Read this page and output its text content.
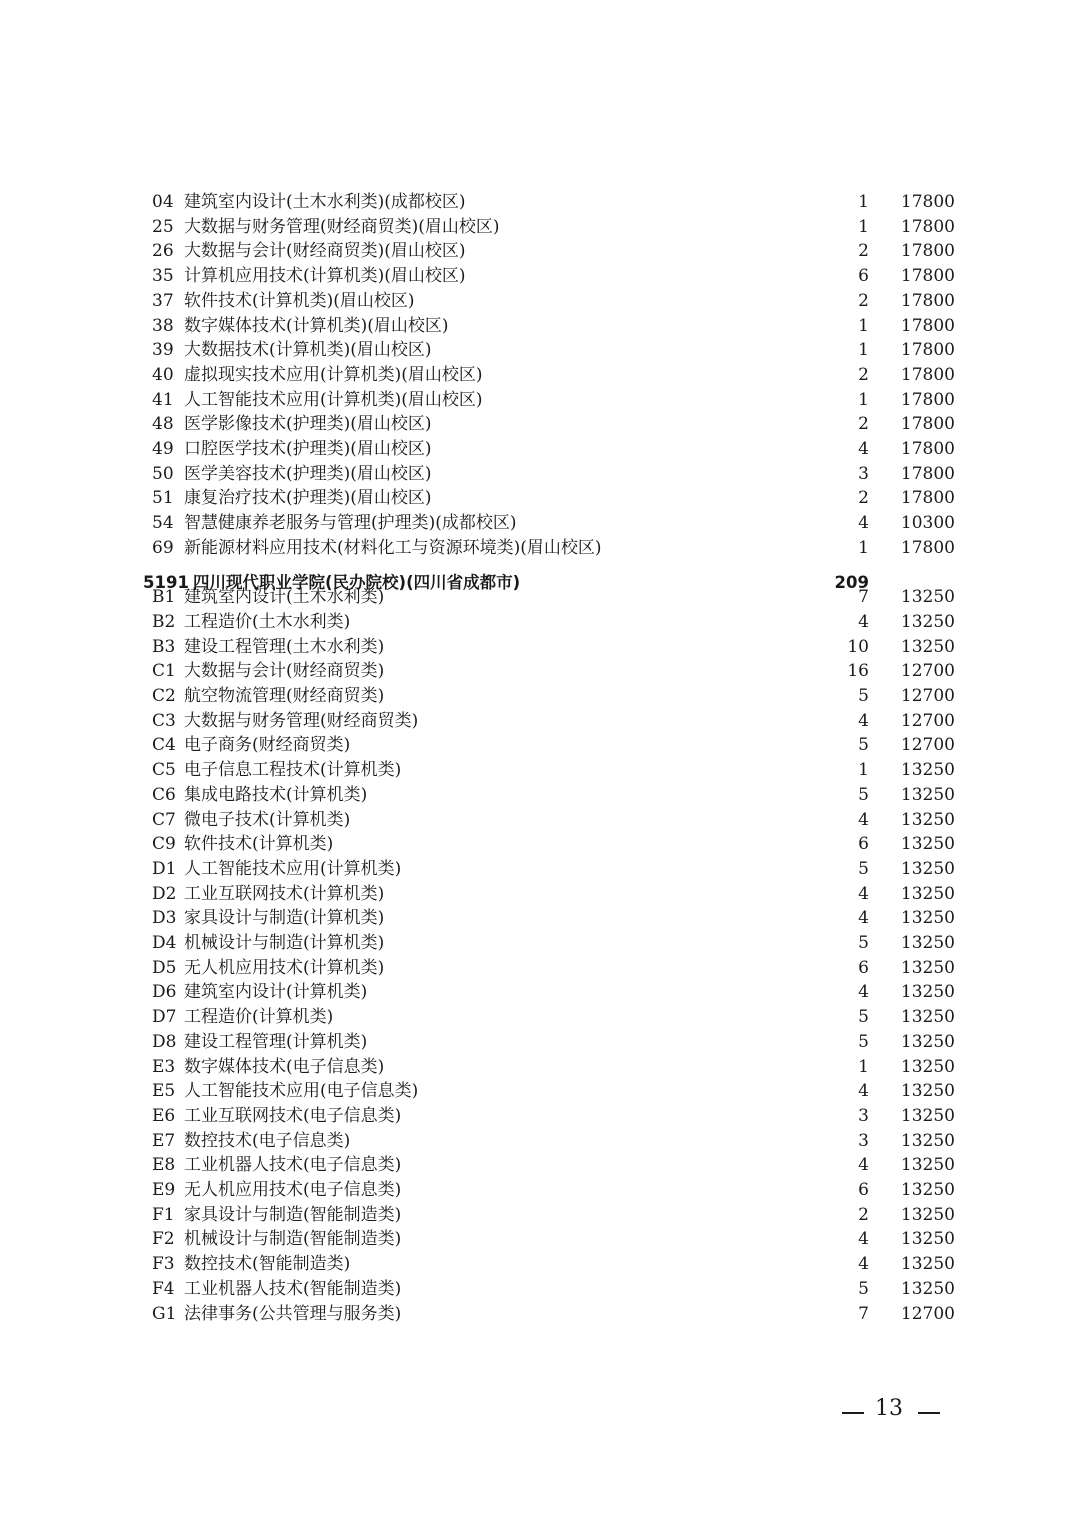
04 建筑室内设计(土木水利类)(成都校区)	1	17800
25 大数据与财务管理(财经商贸类)(眉山校区)	1	17800
26 大数据与会计(财经商贸类)(眉山校区)	2	17800
35 计算机应用技术(计算机类)(眉山校区)	6	17800
37 软件技术(计算机类)(眉山校区)	2	17800
38 数字媒体技术(计算机类)(眉山校区)	1	17800
39 大数据技术(计算机类)(眉山校区)	1	17800
40 虚拟现实技术应用(计算机类)(眉山校区)	2	17800
41 人工智能技术应用(计算机类)(眉山校区)	1	17800
48 医学影像技术(护理类)(眉山校区)	2	17800
49 口腔医学技术(护理类)(眉山校区)	4	17800
50 医学美容技术(护理类)(眉山校区)	3	17800
51 康复治疗技术(护理类)(眉山校区)	2	17800
54 智慧健康养老服务与管理(护理类)(成都校区)	4	10300
69 新能源材料应用技术(材料化工与资源环境类)(眉山校区)	1	17800
5191 四川现代职业学院(民办院校)(四川省成都市)	209
B1 建筑室内设计(土木水利类)	7	13250
B2 工程造价(土木水利类)	4	13250
B3 建设工程管理(土木水利类)	10	13250
C1 大数据与会计(财经商贸类)	16	12700
C2 航空物流管理(财经商贸类)	5	12700
C3 大数据与财务管理(财经商贸类)	4	12700
C4 电子商务(财经商贸类)	5	12700
C5 电子信息工程技术(计算机类)	1	13250
C6 集成电路技术(计算机类)	5	13250
C7 微电子技术(计算机类)	4	13250
C9 软件技术(计算机类)	6	13250
D1 人工智能技术应用(计算机类)	5	13250
D2 工业互联网技术(计算机类)	4	13250
D3 家具设计与制造(计算机类)	4	13250
D4 机械设计与制造(计算机类)	5	13250
D5 无人机应用技术(计算机类)	6	13250
D6 建筑室内设计(计算机类)	4	13250
D7 工程造价(计算机类)	5	13250
D8 建设工程管理(计算机类)	5	13250
E3 数字媒体技术(电子信息类)	1	13250
E5 人工智能技术应用(电子信息类)	4	13250
E6 工业互联网技术(电子信息类)	3	13250
E7 数控技术(电子信息类)	3	13250
E8 工业机器人技术(电子信息类)	4	13250
E9 无人机应用技术(电子信息类)	6	13250
F1 家具设计与制造(智能制造类)	2	13250
F2 机械设计与制造(智能制造类)	4	13250
F3 数控技术(智能制造类)	4	13250
F4 工业机器人技术(智能制造类)	5	13250
G1 法律事务(公共管理与服务类)	7	12700
13
